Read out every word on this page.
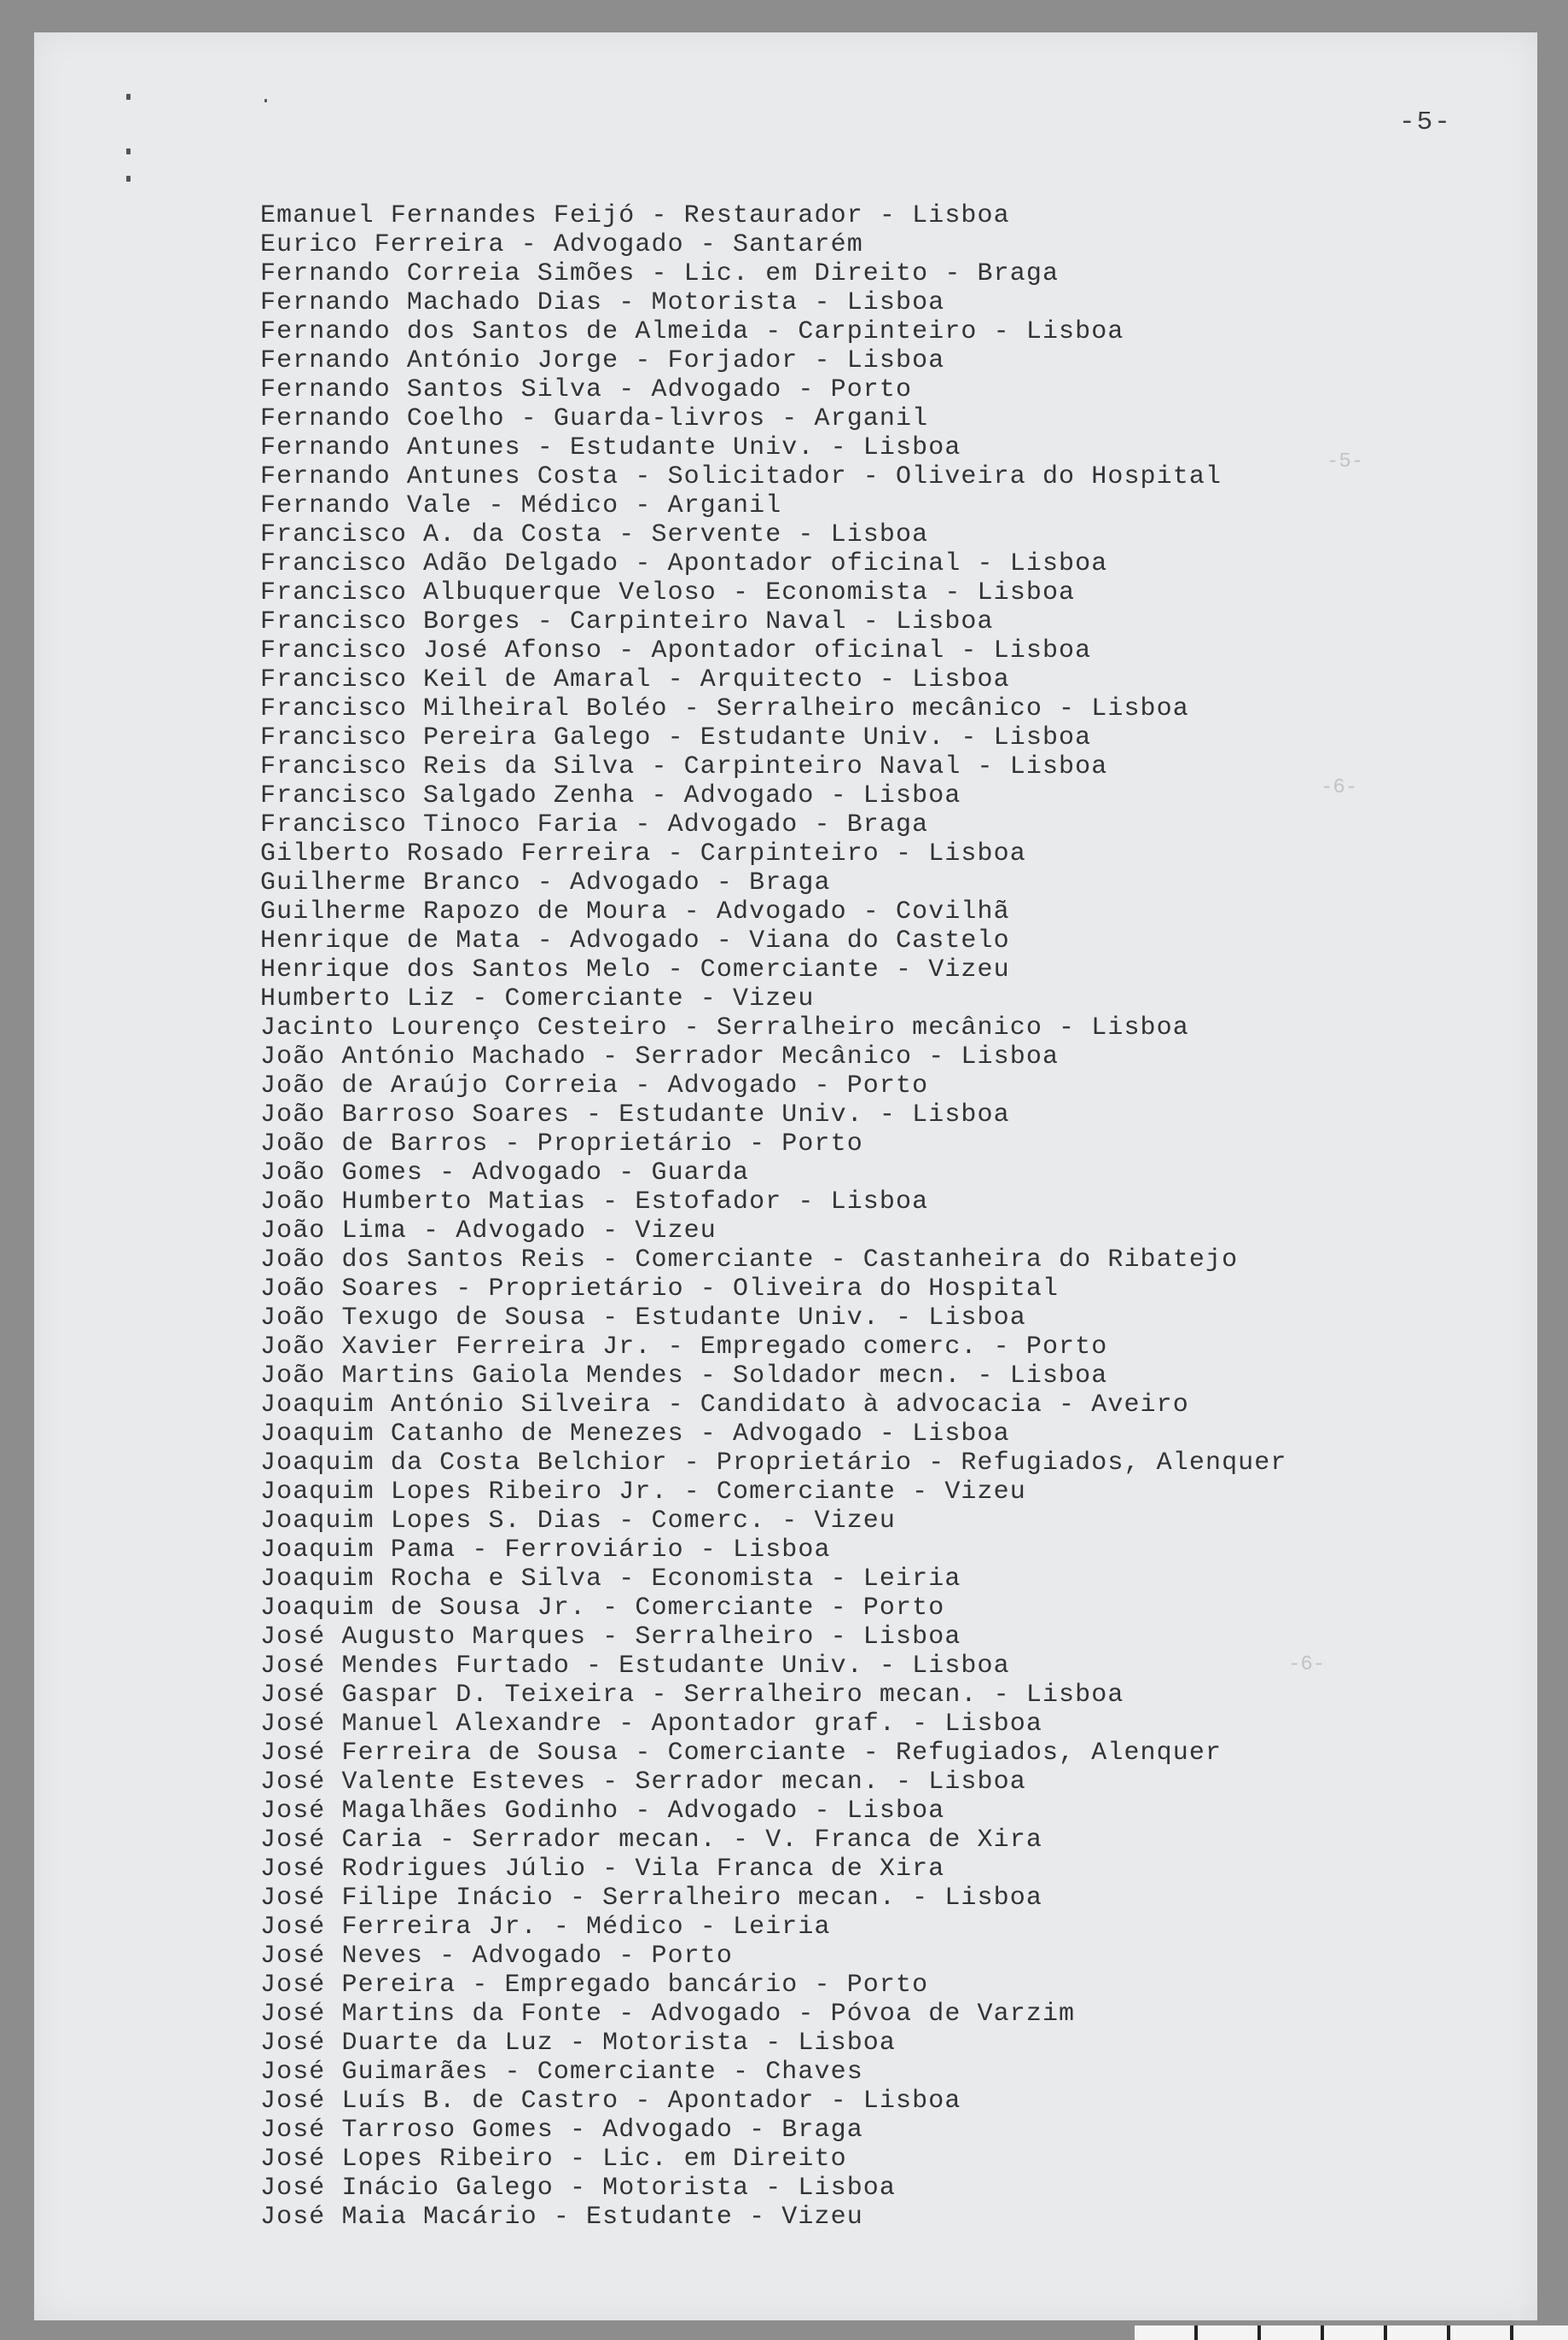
-5-
-5-
-6-
-6-
Emanuel Fernandes Feijó - Restaurador - Lisboa
Eurico Ferreira - Advogado - Santarém
Fernando Correia Simões - Lic. em Direito - Braga
Fernando Machado Dias - Motorista - Lisboa
Fernando dos Santos de Almeida - Carpinteiro - Lisboa
Fernando António Jorge - Forjador - Lisboa
Fernando Santos Silva - Advogado - Porto
Fernando Coelho - Guarda-livros - Arganil
Fernando Antunes - Estudante Univ. - Lisboa
Fernando Antunes Costa - Solicitador - Oliveira do Hospital
Fernando Vale - Médico - Arganil
Francisco A. da Costa - Servente - Lisboa
Francisco Adão Delgado - Apontador oficinal - Lisboa
Francisco Albuquerque Veloso - Economista - Lisboa
Francisco Borges - Carpinteiro Naval - Lisboa
Francisco José Afonso - Apontador oficinal - Lisboa
Francisco Keil de Amaral - Arquitecto - Lisboa
Francisco Milheiral Boléo - Serralheiro mecânico - Lisboa
Francisco Pereira Galego - Estudante Univ. - Lisboa
Francisco Reis da Silva - Carpinteiro Naval - Lisboa
Francisco Salgado Zenha - Advogado - Lisboa
Francisco Tinoco Faria - Advogado - Braga
Gilberto Rosado Ferreira - Carpinteiro - Lisboa
Guilherme Branco - Advogado - Braga
Guilherme Rapozo de Moura - Advogado - Covilhã
Henrique de Mata - Advogado - Viana do Castelo
Henrique dos Santos Melo - Comerciante - Vizeu
Humberto Liz - Comerciante - Vizeu
Jacinto Lourenço Cesteiro - Serralheiro mecânico - Lisboa
João António Machado - Serrador Mecânico - Lisboa
João de Araújo Correia - Advogado - Porto
João Barroso Soares - Estudante Univ. - Lisboa
João de Barros - Proprietário - Porto
João Gomes - Advogado - Guarda
João Humberto Matias - Estofador - Lisboa
João Lima - Advogado - Vizeu
João dos Santos Reis - Comerciante - Castanheira do Ribatejo
João Soares - Proprietário - Oliveira do Hospital
João Texugo de Sousa - Estudante Univ. - Lisboa
João Xavier Ferreira Jr. - Empregado comerc. - Porto
João Martins Gaiola Mendes - Soldador mecn. - Lisboa
Joaquim António Silveira - Candidato à advocacia - Aveiro
Joaquim Catanho de Menezes - Advogado - Lisboa
Joaquim da Costa Belchior - Proprietário - Refugiados, Alenquer
Joaquim Lopes Ribeiro Jr. - Comerciante - Vizeu
Joaquim Lopes S. Dias - Comerc. - Vizeu
Joaquim Pama - Ferroviário - Lisboa
Joaquim Rocha e Silva - Economista - Leiria
Joaquim de Sousa Jr. - Comerciante - Porto
José Augusto Marques - Serralheiro - Lisboa
José Mendes Furtado - Estudante Univ. - Lisboa
José Gaspar D. Teixeira - Serralheiro mecan. - Lisboa
José Manuel Alexandre - Apontador graf. - Lisboa
José Ferreira de Sousa - Comerciante - Refugiados, Alenquer
José Valente Esteves - Serrador mecan. - Lisboa
José Magalhães Godinho - Advogado - Lisboa
José Caria - Serrador mecan. - V. Franca de Xira
José Rodrigues Júlio - Vila Franca de Xira
José Filipe Inácio - Serralheiro mecan. - Lisboa
José Ferreira Jr. - Médico - Leiria
José Neves - Advogado - Porto
José Pereira - Empregado bancário - Porto
José Martins da Fonte - Advogado - Póvoa de Varzim
José Duarte da Luz - Motorista - Lisboa
José Guimarães - Comerciante - Chaves
José Luís B. de Castro - Apontador - Lisboa
José Tarroso Gomes - Advogado - Braga
José Lopes Ribeiro - Lic. em Direito
José Inácio Galego - Motorista - Lisboa
José Maia Macário - Estudante - Vizeu
